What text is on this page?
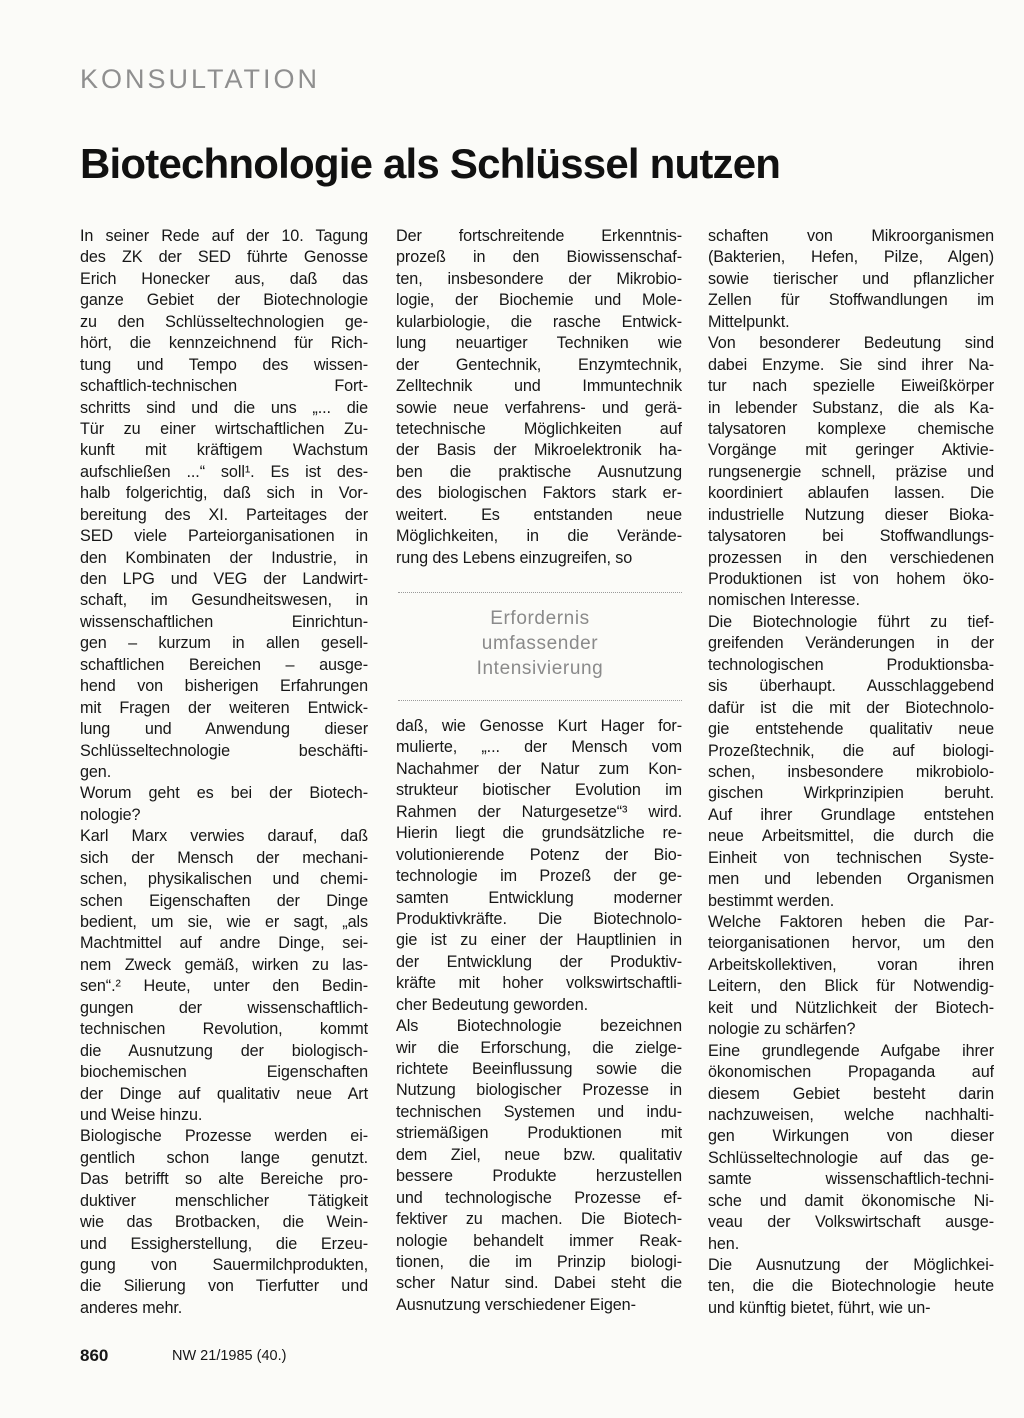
KONSULTATION
Biotechnologie als Schlüssel nutzen
In seiner Rede auf der 10. Tagung
des ZK der SED führte Genosse
Erich Honecker aus, daß das
ganze Gebiet der Biotechnologie
zu den Schlüsseltechnologien ge-
hört, die kennzeichnend für Rich-
tung und Tempo des wissen-
schaftlich-technischen Fort-
schritts sind und die uns „... die
Tür zu einer wirtschaftlichen Zu-
kunft mit kräftigem Wachstum
aufschließen ...“ soll¹. Es ist des-
halb folgerichtig, daß sich in Vor-
bereitung des XI. Parteitages der
SED viele Parteiorganisationen in
den Kombinaten der Industrie, in
den LPG und VEG der Landwirt-
schaft, im Gesundheitswesen, in
wissenschaftlichen Einrichtun-
gen – kurzum in allen gesell-
schaftlichen Bereichen – ausge-
hend von bisherigen Erfahrungen
mit Fragen der weiteren Entwick-
lung und Anwendung dieser
Schlüsseltechnologie beschäfti-
gen.
Worum geht es bei der Biotech-
nologie?
Karl Marx verwies darauf, daß
sich der Mensch der mechani-
schen, physikalischen und chemi-
schen Eigenschaften der Dinge
bedient, um sie, wie er sagt, „als
Machtmittel auf andre Dinge, sei-
nem Zweck gemäß, wirken zu las-
sen“.² Heute, unter den Bedin-
gungen der wissenschaftlich-
technischen Revolution, kommt
die Ausnutzung der biologisch-
biochemischen Eigenschaften
der Dinge auf qualitativ neue Art
und Weise hinzu.
Biologische Prozesse werden ei-
gentlich schon lange genutzt.
Das betrifft so alte Bereiche pro-
duktiver menschlicher Tätigkeit
wie das Brotbacken, die Wein-
und Essigherstellung, die Erzeu-
gung von Sauermilchprodukten,
die Silierung von Tierfutter und
anderes mehr.
Der fortschreitende Erkenntnis-
prozeß in den Biowissenschaf-
ten, insbesondere der Mikrobio-
logie, der Biochemie und Mole-
kularbiologie, die rasche Entwick-
lung neuartiger Techniken wie
der Gentechnik, Enzymtechnik,
Zelltechnik und Immuntechnik
sowie neue verfahrens- und gerä-
tetechnische Möglichkeiten auf
der Basis der Mikroelektronik ha-
ben die praktische Ausnutzung
des biologischen Faktors stark er-
weitert. Es entstanden neue
Möglichkeiten, in die Verände-
rung des Lebens einzugreifen, so
Erfordernis
umfassender
Intensivierung
daß, wie Genosse Kurt Hager for-
mulierte, „... der Mensch vom
Nachahmer der Natur zum Kon-
strukteur biotischer Evolution im
Rahmen der Naturgesetze“³ wird.
Hierin liegt die grundsätzliche re-
volutionierende Potenz der Bio-
technologie im Prozeß der ge-
samten Entwicklung moderner
Produktivkräfte. Die Biotechnolo-
gie ist zu einer der Hauptlinien in
der Entwicklung der Produktiv-
kräfte mit hoher volkswirtschaftli-
cher Bedeutung geworden.
Als Biotechnologie bezeichnen
wir die Erforschung, die zielge-
richtete Beeinflussung sowie die
Nutzung biologischer Prozesse in
technischen Systemen und indu-
striemäßigen Produktionen mit
dem Ziel, neue bzw. qualitativ
bessere Produkte herzustellen
und technologische Prozesse ef-
fektiver zu machen. Die Biotech-
nologie behandelt immer Reak-
tionen, die im Prinzip biologi-
scher Natur sind. Dabei steht die
Ausnutzung verschiedener Eigen-
schaften von Mikroorganismen
(Bakterien, Hefen, Pilze, Algen)
sowie tierischer und pflanzlicher
Zellen für Stoffwandlungen im
Mittelpunkt.
Von besonderer Bedeutung sind
dabei Enzyme. Sie sind ihrer Na-
tur nach spezielle Eiweißkörper
in lebender Substanz, die als Ka-
talysatoren komplexe chemische
Vorgänge mit geringer Aktivie-
rungsenergie schnell, präzise und
koordiniert ablaufen lassen. Die
industrielle Nutzung dieser Bioka-
talysatoren bei Stoffwandlungs-
prozessen in den verschiedenen
Produktionen ist von hohem öko-
nomischen Interesse.
Die Biotechnologie führt zu tief-
greifenden Veränderungen in der
technologischen Produktionsba-
sis überhaupt. Ausschlaggebend
dafür ist die mit der Biotechnolo-
gie entstehende qualitativ neue
Prozeßtechnik, die auf biologi-
schen, insbesondere mikrobiolo-
gischen Wirkprinzipien beruht.
Auf ihrer Grundlage entstehen
neue Arbeitsmittel, die durch die
Einheit von technischen Syste-
men und lebenden Organismen
bestimmt werden.
Welche Faktoren heben die Par-
teiorganisationen hervor, um den
Arbeitskollektiven, voran ihren
Leitern, den Blick für Notwendig-
keit und Nützlichkeit der Biotech-
nologie zu schärfen?
Eine grundlegende Aufgabe ihrer
ökonomischen Propaganda auf
diesem Gebiet besteht darin
nachzuweisen, welche nachhalti-
gen Wirkungen von dieser
Schlüsseltechnologie auf das ge-
samte wissenschaftlich-techni-
sche und damit ökonomische Ni-
veau der Volkswirtschaft ausge-
hen.
Die Ausnutzung der Möglichkei-
ten, die die Biotechnologie heute
und künftig bietet, führt, wie un-
860	NW 21/1985 (40.)
